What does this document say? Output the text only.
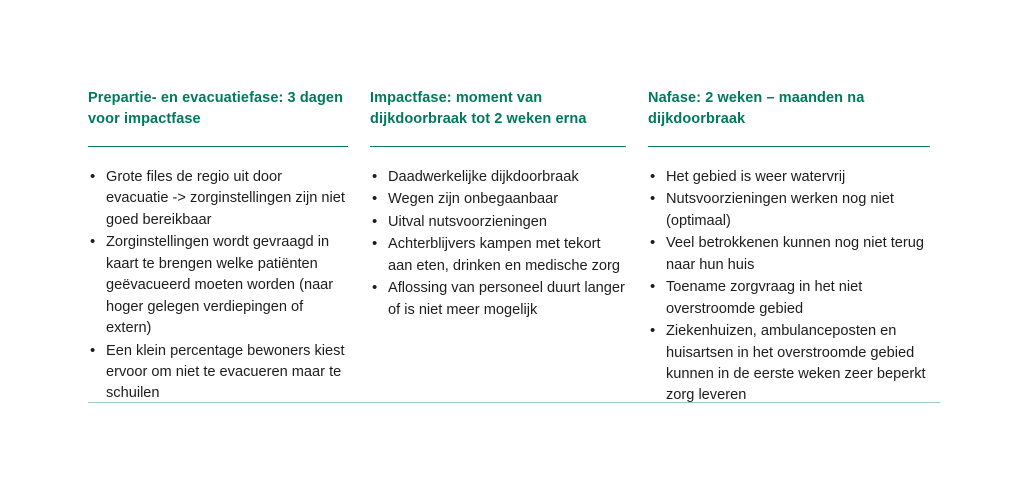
Prepartie- en evacuatiefase: 3 dagen voor impactfase
• Grote files de regio uit door evacuatie -> zorginstellingen zijn niet goed bereikbaar
• Zorginstellingen wordt gevraagd in kaart te brengen welke patiënten geëvacueerd moeten worden (naar hoger gelegen verdiepingen of extern)
• Een klein percentage bewoners kiest ervoor om niet te evacueren maar te schuilen
Impactfase: moment van dijkdoorbraak tot 2 weken erna
• Daadwerkelijke dijkdoorbraak
• Wegen zijn onbegaanbaar
• Uitval nutsvoorzieningen
• Achterblijvers kampen met tekort aan eten, drinken en medische zorg
• Aflossing van personeel duurt langer of is niet meer mogelijk
Nafase: 2 weken – maanden na dijkdoorbraak
• Het gebied is weer watervrij
• Nutsvoorzieningen werken nog niet (optimaal)
• Veel betrokkenen kunnen nog niet terug naar hun huis
• Toename zorgvraag in het niet overstroomde gebied
• Ziekenhuizen, ambulanceposten en huisartsen in het overstroomde gebied kunnen in de eerste weken zeer beperkt zorg leveren
